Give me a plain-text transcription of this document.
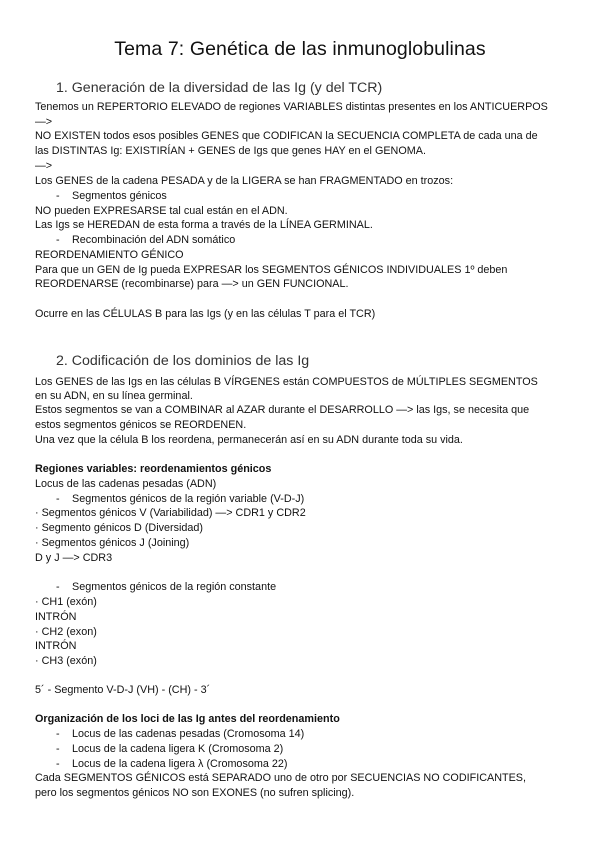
Tema 7: Genética de las inmunoglobulinas
1. Generación de la diversidad de las Ig (y del TCR)
Tenemos un REPERTORIO ELEVADO de regiones VARIABLES distintas presentes en los ANTICUERPOS
—>
NO EXISTEN todos esos posibles GENES que CODIFICAN la SECUENCIA COMPLETA de cada una de
las DISTINTAS Ig: EXISTIRÍAN + GENES de Igs que genes HAY en el GENOMA.
—>
Los GENES de la cadena PESADA y de la LIGERA se han FRAGMENTADO en trozos:
- Segmentos génicos
NO pueden EXPRESARSE tal cual están en el ADN.
Las Igs se HEREDAN de esta forma a través de la LÍNEA GERMINAL.
- Recombinación del ADN somático
REORDENAMIENTO GÉNICO
Para que un GEN de Ig pueda EXPRESAR los SEGMENTOS GÉNICOS INDIVIDUALES 1º deben
REORDENARSE (recombinarse) para —> un GEN FUNCIONAL.
Ocurre en las CÉLULAS B para las Igs (y en las células T para el TCR)
2. Codificación de los dominios de las Ig
Los GENES de las Igs en las células B VÍRGENES están COMPUESTOS de MÚLTIPLES SEGMENTOS
en su ADN, en su línea germinal.
Estos segmentos se van a COMBINAR al AZAR durante el DESARROLLO —> las Igs, se necesita que
estos segmentos génicos se REORDENEN.
Una vez que la célula B los reordena, permanecerán así en su ADN durante toda su vida.
Regiones variables: reordenamientos génicos
Locus de las cadenas pesadas (ADN)
- Segmentos génicos de la región variable (V-D-J)
· Segmentos génicos V (Variabilidad) —> CDR1 y CDR2
· Segmento génicos D (Diversidad)
· Segmentos génicos J (Joining)
D y J —> CDR3
- Segmentos génicos de la región constante
· CH1 (exón)
INTRÓN
· CH2 (exon)
INTRÓN
· CH3 (exón)
5´ - Segmento V-D-J (VH) - (CH) - 3´
Organización de los loci de las Ig antes del reordenamiento
- Locus de las cadenas pesadas (Cromosoma 14)
- Locus de la cadena ligera K (Cromosoma 2)
- Locus de la cadena ligera λ (Cromosoma 22)
Cada SEGMENTOS GÉNICOS está SEPARADO uno de otro por SECUENCIAS NO CODIFICANTES,
pero los segmentos génicos NO son EXONES (no sufren splicing).
